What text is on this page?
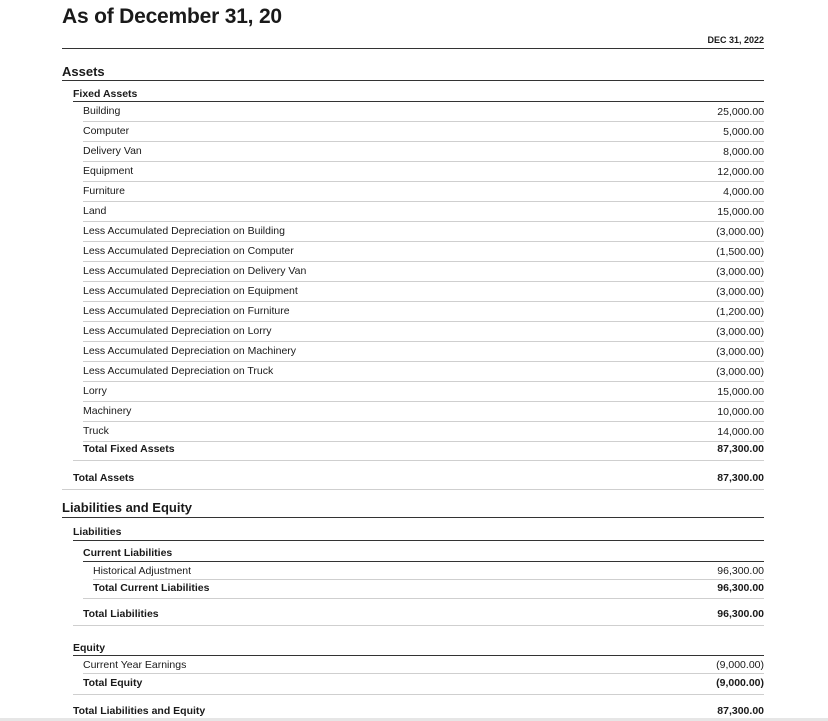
As of December 31, 20
DEC 31, 2022
Assets
Fixed Assets
Building	25,000.00
Computer	5,000.00
Delivery Van	8,000.00
Equipment	12,000.00
Furniture	4,000.00
Land	15,000.00
Less Accumulated Depreciation on Building	(3,000.00)
Less Accumulated Depreciation on Computer	(1,500.00)
Less Accumulated Depreciation on Delivery Van	(3,000.00)
Less Accumulated Depreciation on Equipment	(3,000.00)
Less Accumulated Depreciation on Furniture	(1,200.00)
Less Accumulated Depreciation on Lorry	(3,000.00)
Less Accumulated Depreciation on Machinery	(3,000.00)
Less Accumulated Depreciation on Truck	(3,000.00)
Lorry	15,000.00
Machinery	10,000.00
Truck	14,000.00
Total Fixed Assets	87,300.00
Total Assets	87,300.00
Liabilities and Equity
Liabilities
Current Liabilities
Historical Adjustment	96,300.00
Total Current Liabilities	96,300.00
Total Liabilities	96,300.00
Equity
Current Year Earnings	(9,000.00)
Total Equity	(9,000.00)
Total Liabilities and Equity	87,300.00
